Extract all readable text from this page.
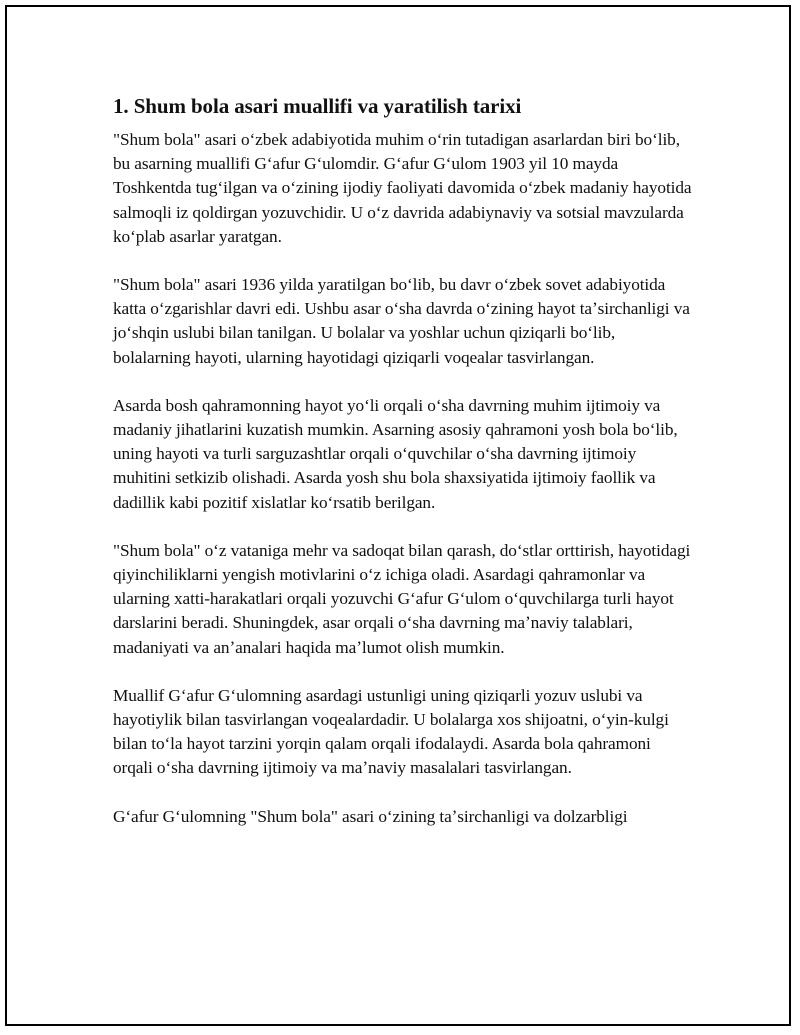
1. Shum bola asari muallifi va yaratilish tarixi

"Shum bola" asari oʻzbek adabiyotida muhim oʻrin tutadigan asarlardan biri boʻlib, bu asarning muallifi Gʻafur Gʻulomdir. Gʻafur Gʻulom 1903 yil 10 mayda Toshkentda tugʻilgan va oʻzining ijodiy faoliyati davomida oʻzbek madaniy hayotida salmoqli iz qoldirgan yozuvchidir. U oʻz davrida adabiynaviy va sotsial mavzularda koʻplab asarlar yaratgan.

"Shum bola" asari 1936 yilda yaratilgan boʻlib, bu davr oʻzbek sovet adabiyotida katta oʻzgarishlar davri edi. Ushbu asar oʻsha davrda oʻzining hayot taʼsirchanligi va joʻshqin uslubi bilan tanilgan. U bolalar va yoshlar uchun qiziqarli boʻlib, bolalarning hayoti, ularning hayotidagi qiziqarli voqealar tasvirlangan.

Asarda bosh qahramonning hayot yoʻli orqali oʻsha davrning muhim ijtimoiy va madaniy jihatlarini kuzatish mumkin. Asarning asosiy qahramoni yosh bola boʻlib, uning hayoti va turli sarguzashtlar orqali oʻquvchilar oʻsha davrning ijtimoiy muhitini setkizib olishadi. Asarda yosh shu bola shaxsiyatida ijtimoiy faollik va dadillik kabi pozitif xislatlar koʻrsatib berilgan.

"Shum bola" oʻz vataniga mehr va sadoqat bilan qarash, doʻstlar orttirish, hayotidagi qiyinchiliklarni yengish motivlarini oʻz ichiga oladi. Asardagi qahramonlar va ularning xatti-harakatlari orqali yozuvchi Gʻafur Gʻulom oʻquvchilarga turli hayot darslarini beradi. Shuningdek, asar orqali oʻsha davrning maʼnaviy talablari, madaniyati va anʼanalari haqida maʼlumot olish mumkin.

Muallif Gʻafur Gʻulomning asardagi ustunligi uning qiziqarli yozuv uslubi va hayotiylik bilan tasvirlangan voqealardadir. U bolalarga xos shijoatni, oʻyin-kulgi bilan toʻla hayot tarzini yorqin qalam orqali ifodalaydi. Asarda bola qahramoni orqali oʻsha davrning ijtimoiy va maʼnaviy masalalari tasvirlangan.

Gʻafur Gʻulomning "Shum bola" asari oʻzining taʼsirchanligi va dolzarbligi
